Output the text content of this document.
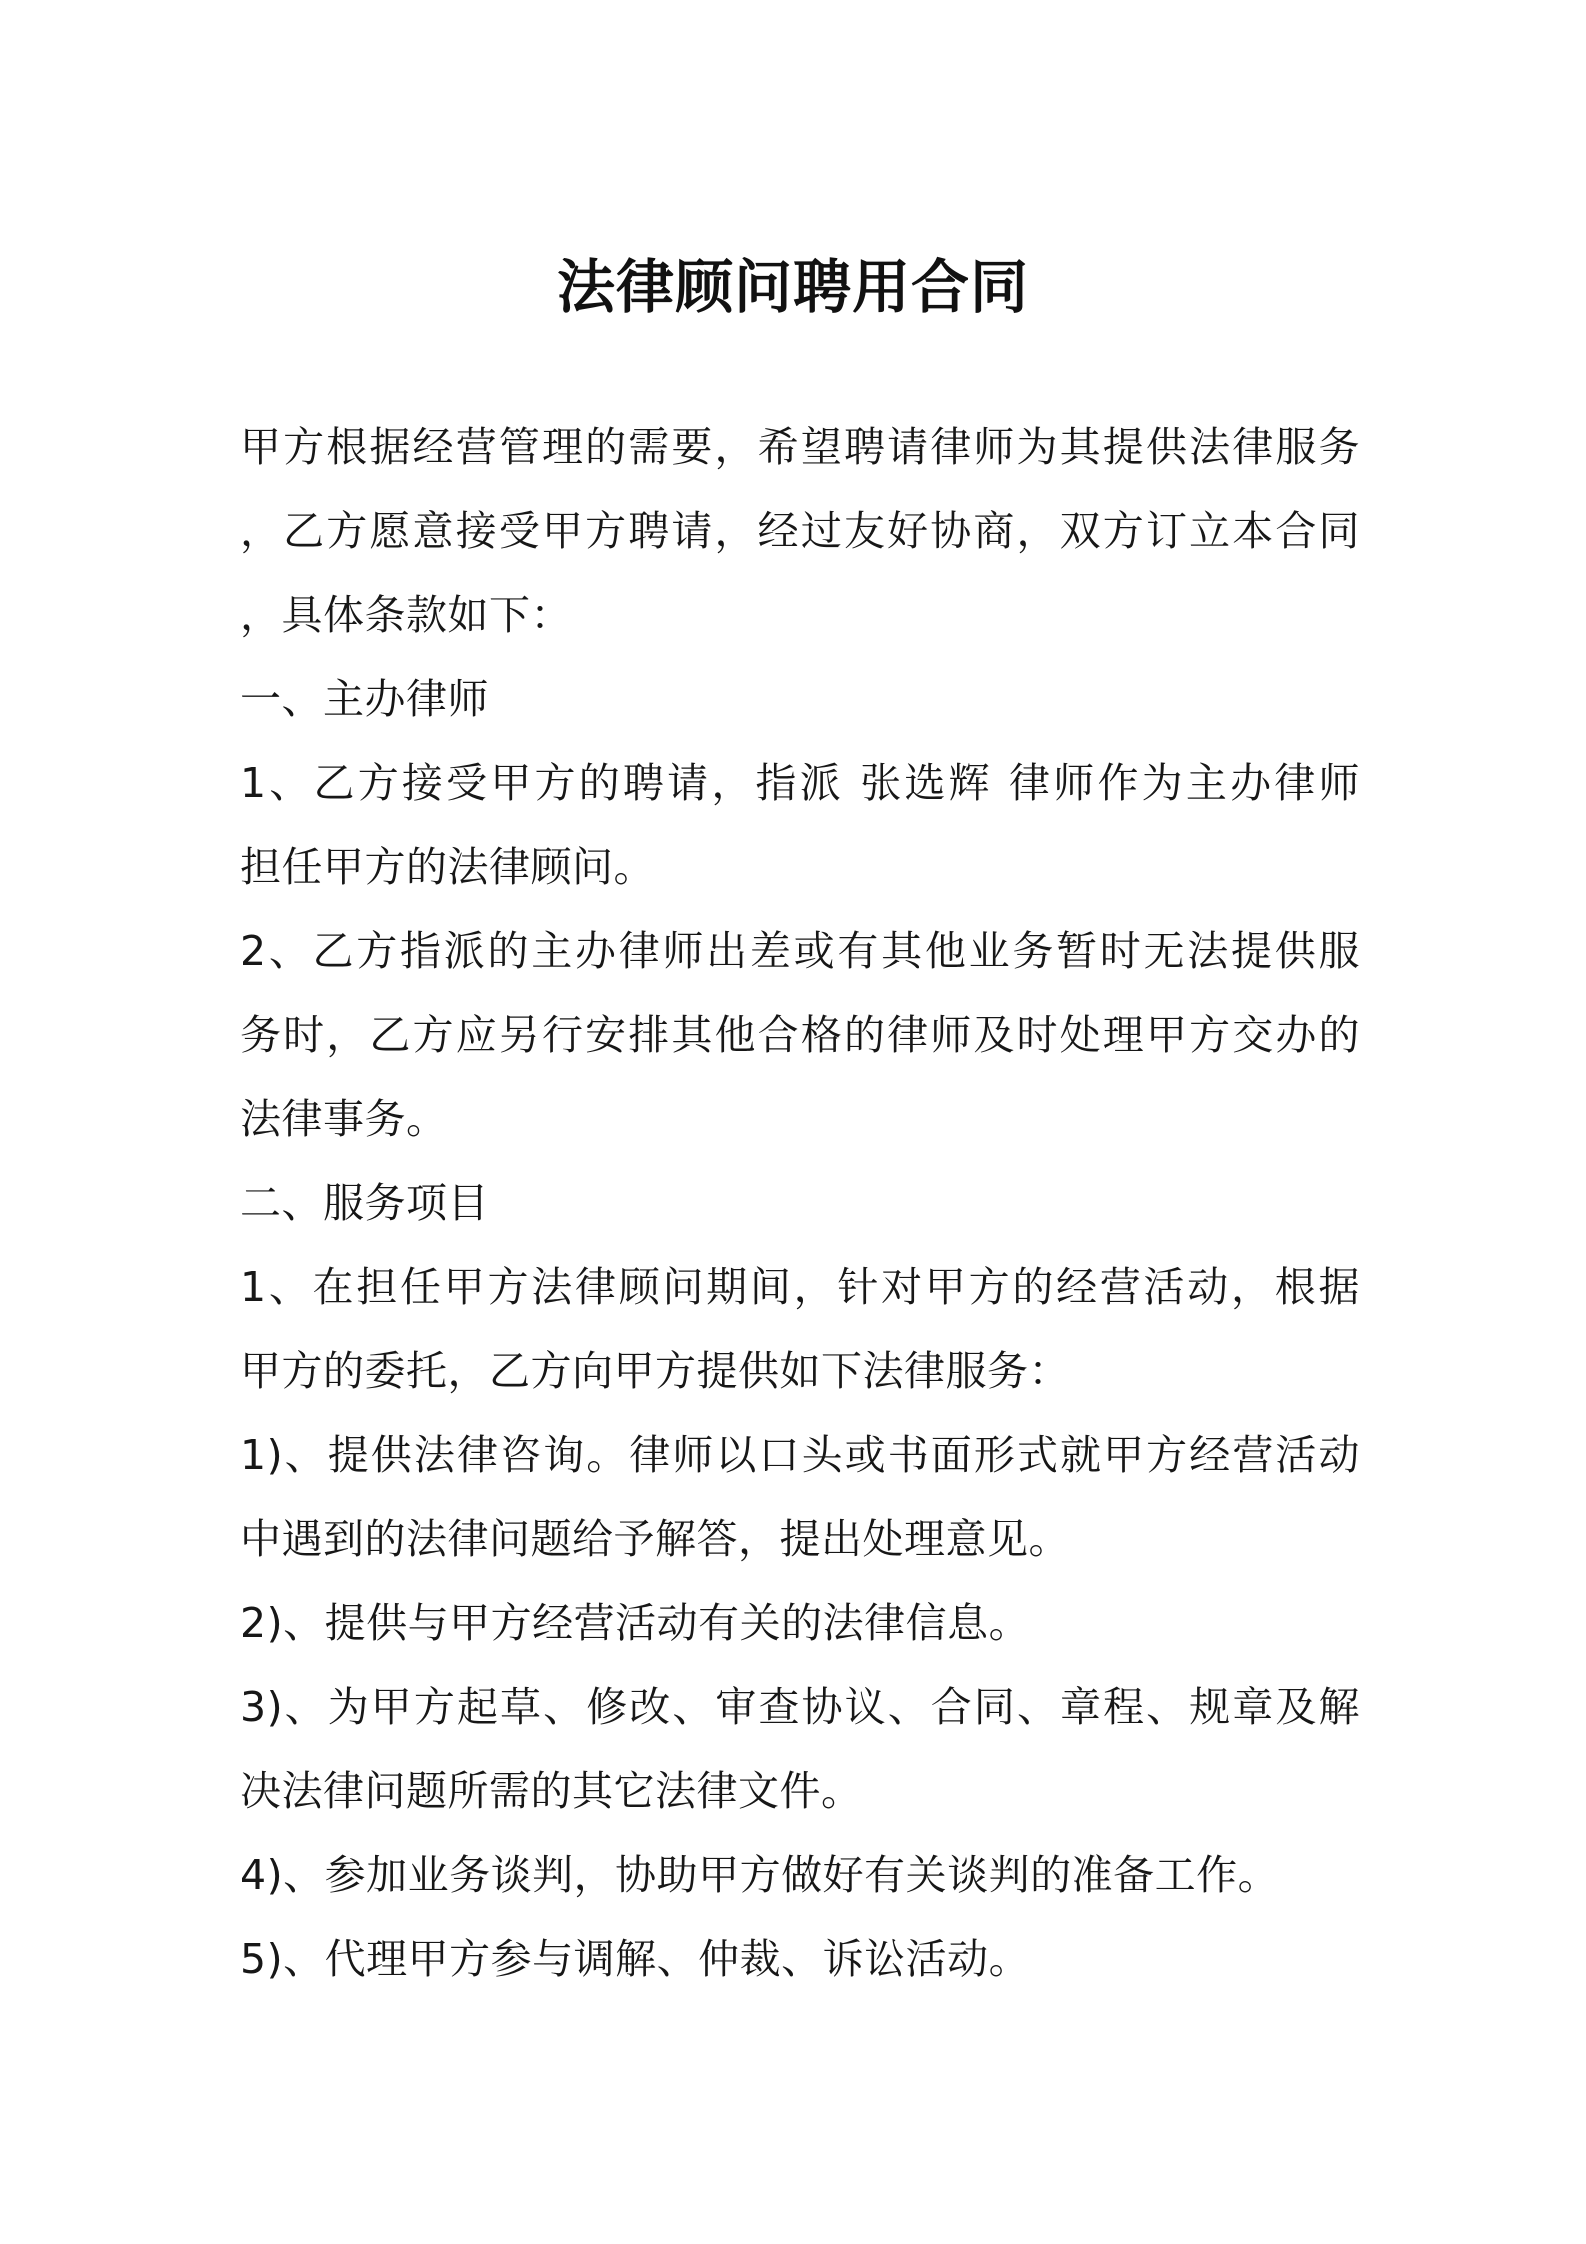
法律顾问聘用合同
甲方根据经营管理的需要，希望聘请律师为其提供法律服务
，乙方愿意接受甲方聘请，经过友好协商，双方订立本合同
，具体条款如下：
一、主办律师
1、乙方接受甲方的聘请，指派 张选辉 律师作为主办律师
担任甲方的法律顾问。
2、乙方指派的主办律师出差或有其他业务暂时无法提供服
务时，乙方应另行安排其他合格的律师及时处理甲方交办的
法律事务。
二、服务项目
1、在担任甲方法律顾问期间，针对甲方的经营活动，根据
甲方的委托，乙方向甲方提供如下法律服务：
1)、提供法律咨询。律师以口头或书面形式就甲方经营活动
中遇到的法律问题给予解答，提出处理意见。
2)、提供与甲方经营活动有关的法律信息。
3)、为甲方起草、修改、审查协议、合同、章程、规章及解
决法律问题所需的其它法律文件。
4)、参加业务谈判，协助甲方做好有关谈判的准备工作。
5)、代理甲方参与调解、仲裁、诉讼活动。
